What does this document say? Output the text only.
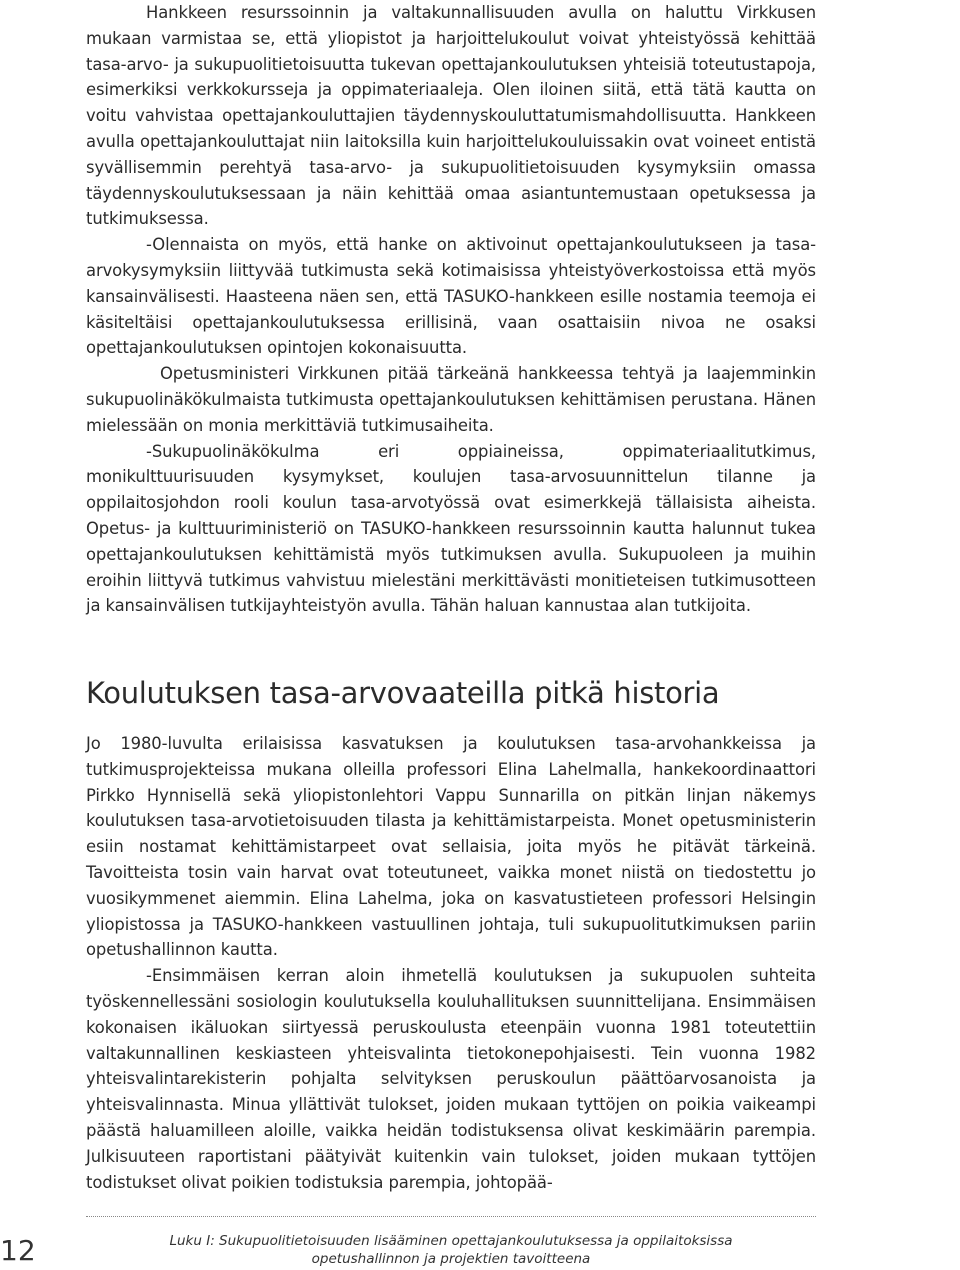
Hankkeen resurssoinnin ja valtakunnallisuuden avulla on haluttu Virkkusen mukaan varmistaa se, että yliopistot ja harjoittelukoulut voivat yhteistyössä kehittää tasa-arvo- ja sukupuolitietoisuutta tukevan opettajankoulutuksen yhteisiä toteutustapoja, esimerkiksi verkkokursseja ja oppimateriaaleja. Olen iloinen siitä, että tätä kautta on voitu vahvistaa opettajankouluttajien täydennyskouluttatumismahdollisuutta. Hankkeen avulla opettajankouluttajat niin laitoksilla kuin harjoittelukouluissakin ovat voineet entistä syvällisemmin perehtyä tasa-arvo- ja sukupuolitietoisuuden kysymyksiin omassa täydennyskoulutuksessaan ja näin kehittää omaa asiantuntemustaan opetuksessa ja tutkimuksessa.

-Olennaista on myös, että hanke on aktivoinut opettajankoulutukseen ja tasa-arvokysymyksiin liittyvää tutkimusta sekä kotimaisissa yhteistyöverkostoissa että myös kansainvälisesti. Haasteena näen sen, että TASUKO-hankkeen esille nostamia teemoja ei käsiteltäisi opettajankoulutuksessa erillisinä, vaan osattaisiin nivoa ne osaksi opettajankoulutuksen opintojen kokonaisuutta.

Opetusministeri Virkkunen pitää tärkeänä hankkeessa tehtyä ja laajemminkin sukupuolinäkökulmaista tutkimusta opettajankoulutuksen kehittämisen perustana. Hänen mielessään on monia merkittäviä tutkimusaiheita.

-Sukupuolinäkökulma eri oppiaineissa, oppimateriaalitutkimus, monikulttuurisuuden kysymykset, koulujen tasa-arvosuunnittelun tilanne ja oppilaitosjohdon rooli koulun tasa-arvotyössä ovat esimerkkejä tällaisista aiheista. Opetus- ja kulttuuriministeriö on TASUKO-hankkeen resurssoinnin kautta halunnut tukea opettajankoulutuksen kehittämistä myös tutkimuksen avulla. Sukupuoleen ja muihin eroihin liittyvä tutkimus vahvistuu mielestäni merkittävästi monitieteisen tutkimusotteen ja kansainvälisen tutkijayhteistyön avulla. Tähän haluan kannustaa alan tutkijoita.

Koulutuksen tasa-arvovaateilla pitkä historia

Jo 1980-luvulta erilaisissa kasvatuksen ja koulutuksen tasa-arvohankkeissa ja tutkimusprojekteissa mukana olleilla professori Elina Lahelmalla, hankekoordinaattori Pirkko Hynnisellä sekä yliopistonlehtori Vappu Sunnarilla on pitkän linjan näkemys koulutuksen tasa-arvotietoisuuden tilasta ja kehittämistarpeista. Monet opetusministerin esiin nostamat kehittämistarpeet ovat sellaisia, joita myös he pitävät tärkeinä. Tavoitteista tosin vain harvat ovat toteutuneet, vaikka monet niistä on tiedostettu jo vuosikymmenet aiemmin. Elina Lahelma, joka on kasvatustieteen professori Helsingin yliopistossa ja TASUKO-hankkeen vastuullinen johtaja, tuli sukupuolitutkimuksen pariin opetushallinnon kautta.

-Ensimmäisen kerran aloin ihmetellä koulutuksen ja sukupuolen suhteita työskennellessäni sosiologin koulutuksella kouluhallituksen suunnittelijana. Ensimmäisen kokonaisen ikäluokan siirtyessä peruskoulusta eteenpäin vuonna 1981 toteutettiin valtakunnallinen keskiasteen yhteisvalinta tietokonepohjaisesti. Tein vuonna 1982 yhteisvalintarekisterin pohjalta selvityksen peruskoulun päättöarvosanoista ja yhteisvalinnasta. Minua yllättivät tulokset, joiden mukaan tyttöjen on poikia vaikeampi päästä haluamilleen aloille, vaikka heidän todistuksensa olivat keskimäärin parempia. Julkisuuteen raportistani päätyivät kuitenkin vain tulokset, joiden mukaan tyttöjen todistukset olivat poikien todistuksia parempia, johtopää-

12	Luku I: Sukupuolitietoisuuden lisääminen opettajankoulutuksessa ja oppilaitoksissa
opetushallinnon ja projektien tavoitteena
